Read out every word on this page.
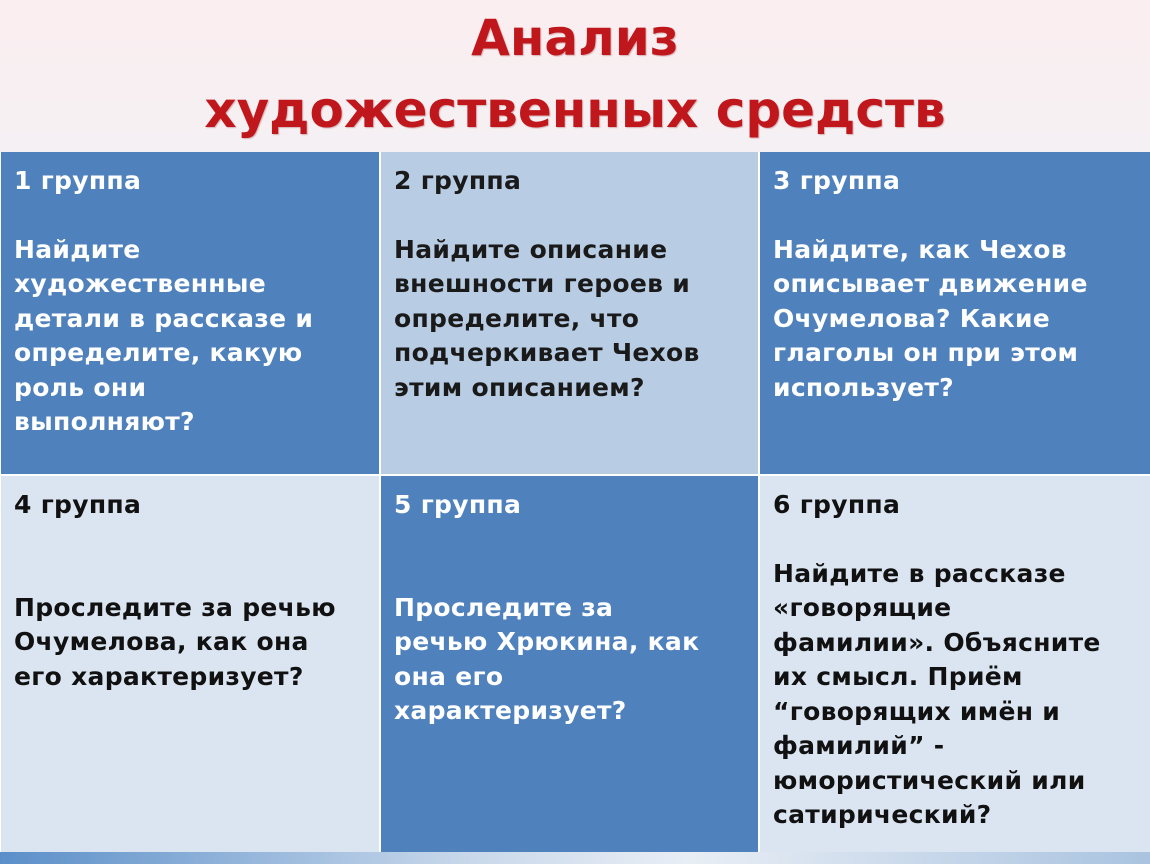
Анализ
художественных средств
1 группа
Найдите
художественные
детали в рассказе и
определите, какую
роль они
выполняют?
2 группа
Найдите описание
внешности героев и
определите, что
подчеркивает Чехов
этим описанием?
3 группа
Найдите, как Чехов
описывает движение
Очумелова? Какие
глаголы он при этом
использует?
4 группа
Проследите за речью
Очумелова, как она
его характеризует?
5 группа
Проследите за
речью Хрюкина, как
она его
характеризует?
6 группа
Найдите в рассказе
«говорящие
фамилии». Объясните
их смысл. Приём
“говорящих имён и
фамилий” -
юмористический или
сатирический?
